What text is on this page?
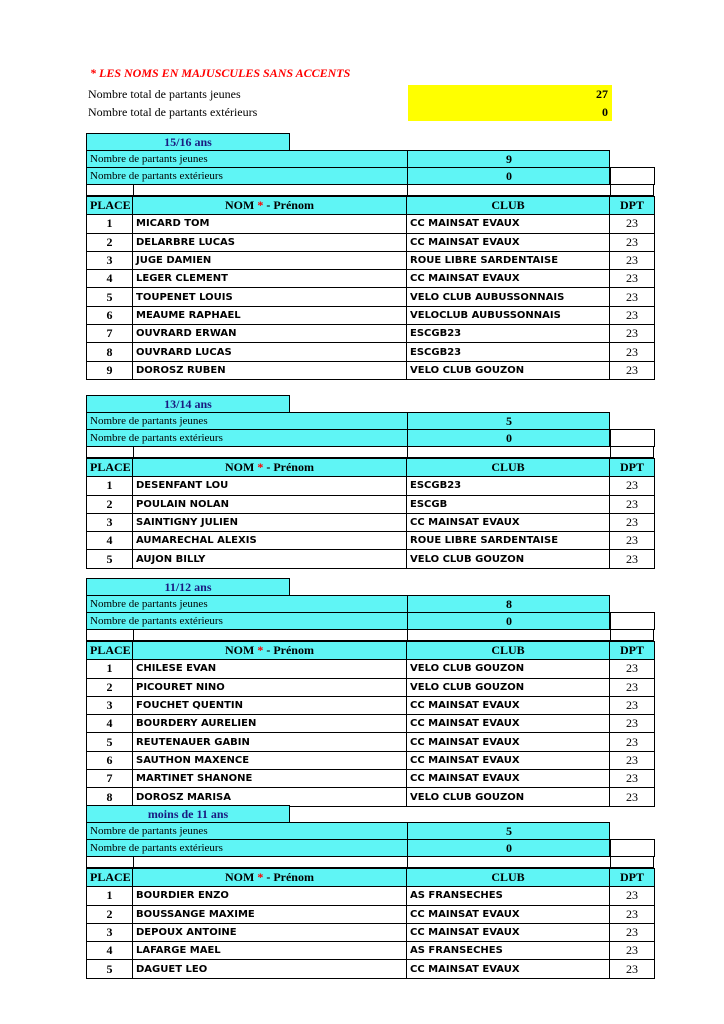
* LES NOMS EN MAJUSCULES SANS ACCENTS
Nombre total de partants jeunes	27
Nombre total de partants extérieurs	0
15/16 ans
Nombre de partants jeunes	9
Nombre de partants extérieurs	0
PLACE	NOM * - Prénom	CLUB	DPT
1	MICARD TOM	CC MAINSAT EVAUX	23
2	DELARBRE LUCAS	CC MAINSAT EVAUX	23
3	JUGE DAMIEN	ROUE LIBRE SARDENTAISE	23
4	LEGER CLEMENT	CC MAINSAT EVAUX	23
5	TOUPENET LOUIS	VELO CLUB AUBUSSONNAIS	23
6	MEAUME RAPHAEL	VELOCLUB AUBUSSONNAIS	23
7	OUVRARD ERWAN	ESCGB23	23
8	OUVRARD LUCAS	ESCGB23	23
9	DOROSZ RUBEN	VELO CLUB GOUZON	23
13/14 ans
Nombre de partants jeunes	5
Nombre de partants extérieurs	0
PLACE	NOM * - Prénom	CLUB	DPT
1	DESENFANT LOU	ESCGB23	23
2	POULAIN NOLAN	ESCGB	23
3	SAINTIGNY JULIEN	CC MAINSAT EVAUX	23
4	AUMARECHAL ALEXIS	ROUE LIBRE SARDENTAISE	23
5	AUJON BILLY	VELO CLUB GOUZON	23
11/12 ans
Nombre de partants jeunes	8
Nombre de partants extérieurs	0
PLACE	NOM * - Prénom	CLUB	DPT
1	CHILESE EVAN	VELO CLUB GOUZON	23
2	PICOURET NINO	VELO CLUB GOUZON	23
3	FOUCHET QUENTIN	CC MAINSAT EVAUX	23
4	BOURDERY AURELIEN	CC MAINSAT EVAUX	23
5	REUTENAUER GABIN	CC MAINSAT EVAUX	23
6	SAUTHON MAXENCE	CC MAINSAT EVAUX	23
7	MARTINET SHANONE	CC MAINSAT EVAUX	23
8	DOROSZ MARISA	VELO CLUB GOUZON	23
moins de 11 ans
Nombre de partants jeunes	5
Nombre de partants extérieurs	0
PLACE	NOM * - Prénom	CLUB	DPT
1	BOURDIER ENZO	AS FRANSECHES	23
2	BOUSSANGE MAXIME	CC MAINSAT EVAUX	23
3	DEPOUX ANTOINE	CC MAINSAT EVAUX	23
4	LAFARGE MAEL	AS FRANSECHES	23
5	DAGUET LEO	CC MAINSAT EVAUX	23
